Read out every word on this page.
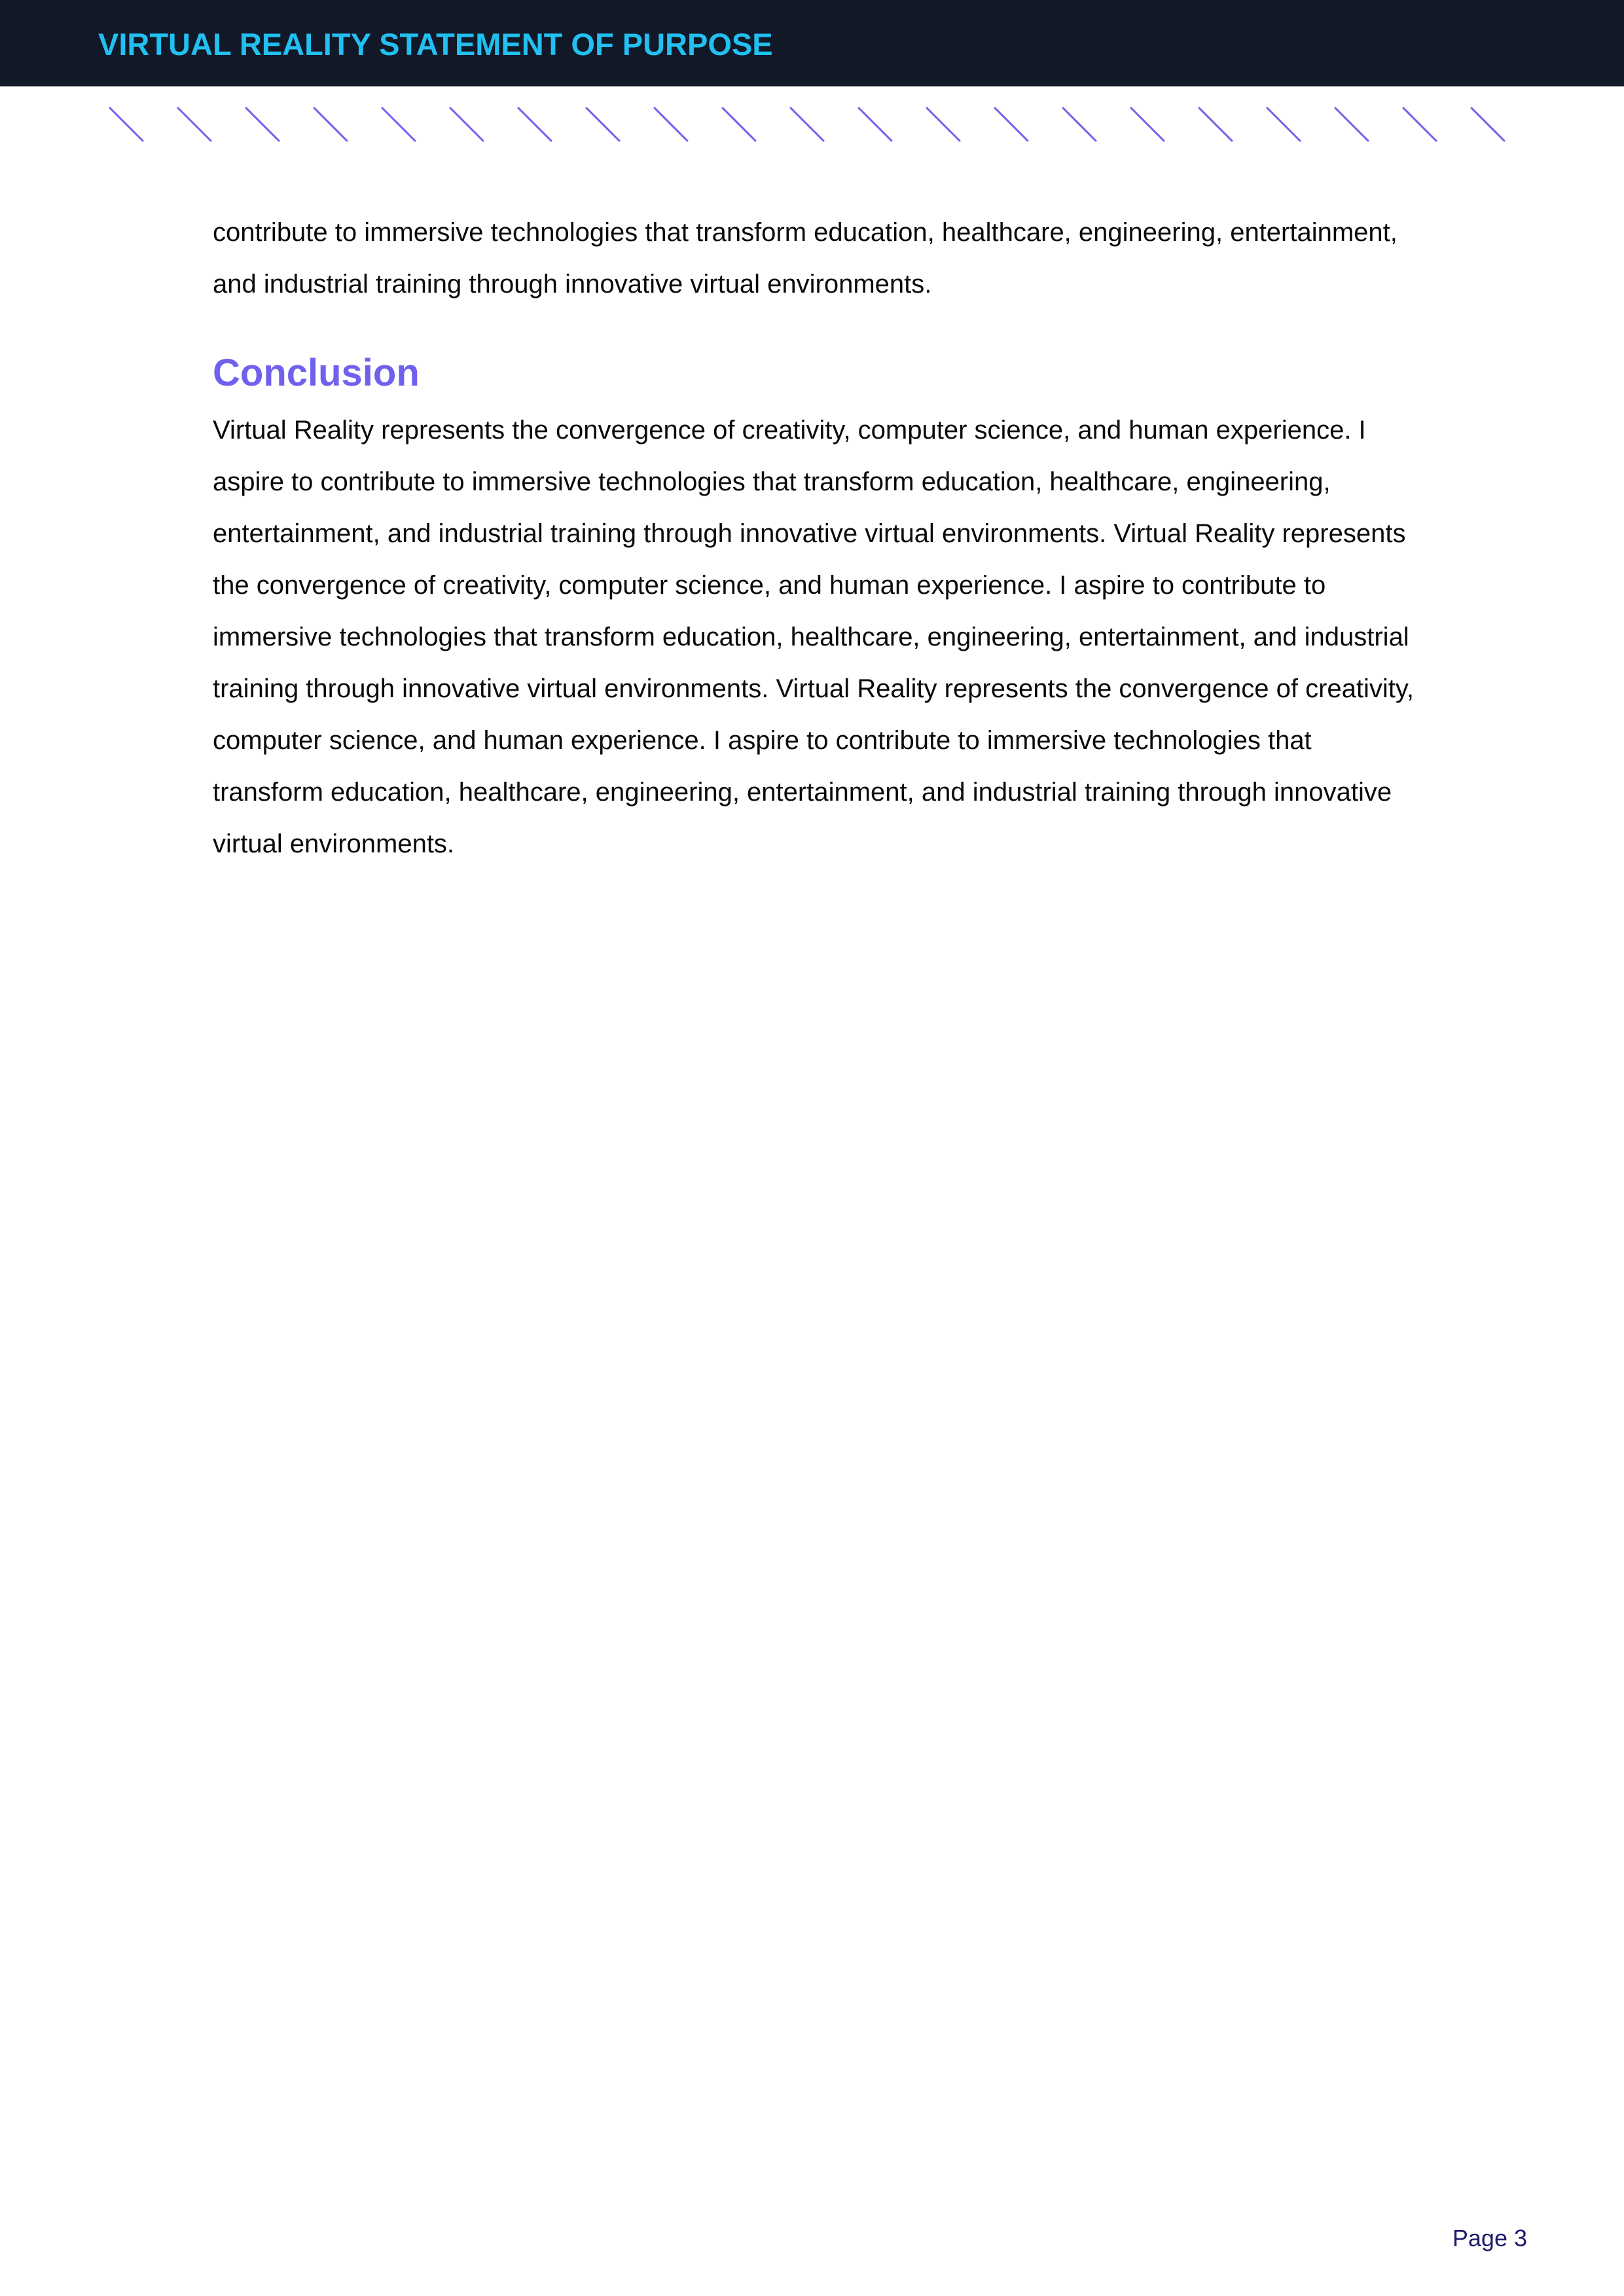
VIRTUAL REALITY STATEMENT OF PURPOSE

contribute to immersive technologies that transform education, healthcare, engineering, entertainment, and industrial training through innovative virtual environments.

Conclusion

Virtual Reality represents the convergence of creativity, computer science, and human experience. I aspire to contribute to immersive technologies that transform education, healthcare, engineering, entertainment, and industrial training through innovative virtual environments. Virtual Reality represents the convergence of creativity, computer science, and human experience. I aspire to contribute to immersive technologies that transform education, healthcare, engineering, entertainment, and industrial training through innovative virtual environments. Virtual Reality represents the convergence of creativity, computer science, and human experience. I aspire to contribute to immersive technologies that transform education, healthcare, engineering, entertainment, and industrial training through innovative virtual environments.

Page 3
